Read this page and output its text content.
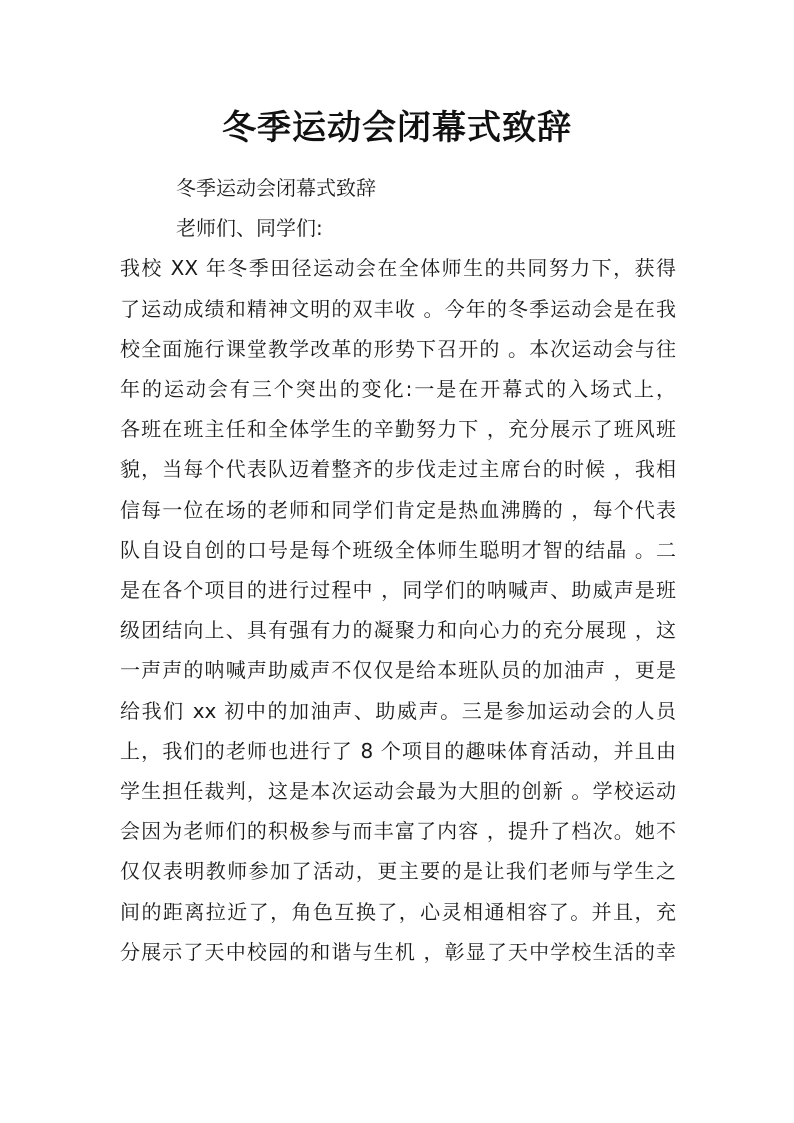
冬季运动会闭幕式致辞

冬季运动会闭幕式致辞

老师们、同学们:

我校 XX 年冬季田径运动会在全体师生的共同努力下，获得
了运动成绩和精神文明的双丰收 。今年的冬季运动会是在我
校全面施行课堂教学改革的形势下召开的 。本次运动会与往
年的运动会有三个突出的变化:一是在开幕式的入场式上，
各班在班主任和全体学生的辛勤努力下 ，充分展示了班风班
貌，当每个代表队迈着整齐的步伐走过主席台的时候 ，我相
信每一位在场的老师和同学们肯定是热血沸腾的 ，每个代表
队自设自创的口号是每个班级全体师生聪明才智的结晶 。二
是在各个项目的进行过程中 ，同学们的呐喊声、助威声是班
级团结向上、具有强有力的凝聚力和向心力的充分展现 ，这
一声声的呐喊声助威声不仅仅是给本班队员的加油声 ，更是
给我们 xx 初中的加油声、助威声。三是参加运动会的人员
上，我们的老师也进行了 8 个项目的趣味体育活动，并且由
学生担任裁判，这是本次运动会最为大胆的创新 。学校运动
会因为老师们的积极参与而丰富了内容 ，提升了档次。她不
仅仅表明教师参加了活动，更主要的是让我们老师与学生之
间的距离拉近了，角色互换了，心灵相通相容了。并且，充
分展示了天中校园的和谐与生机 ，彰显了天中学校生活的幸
